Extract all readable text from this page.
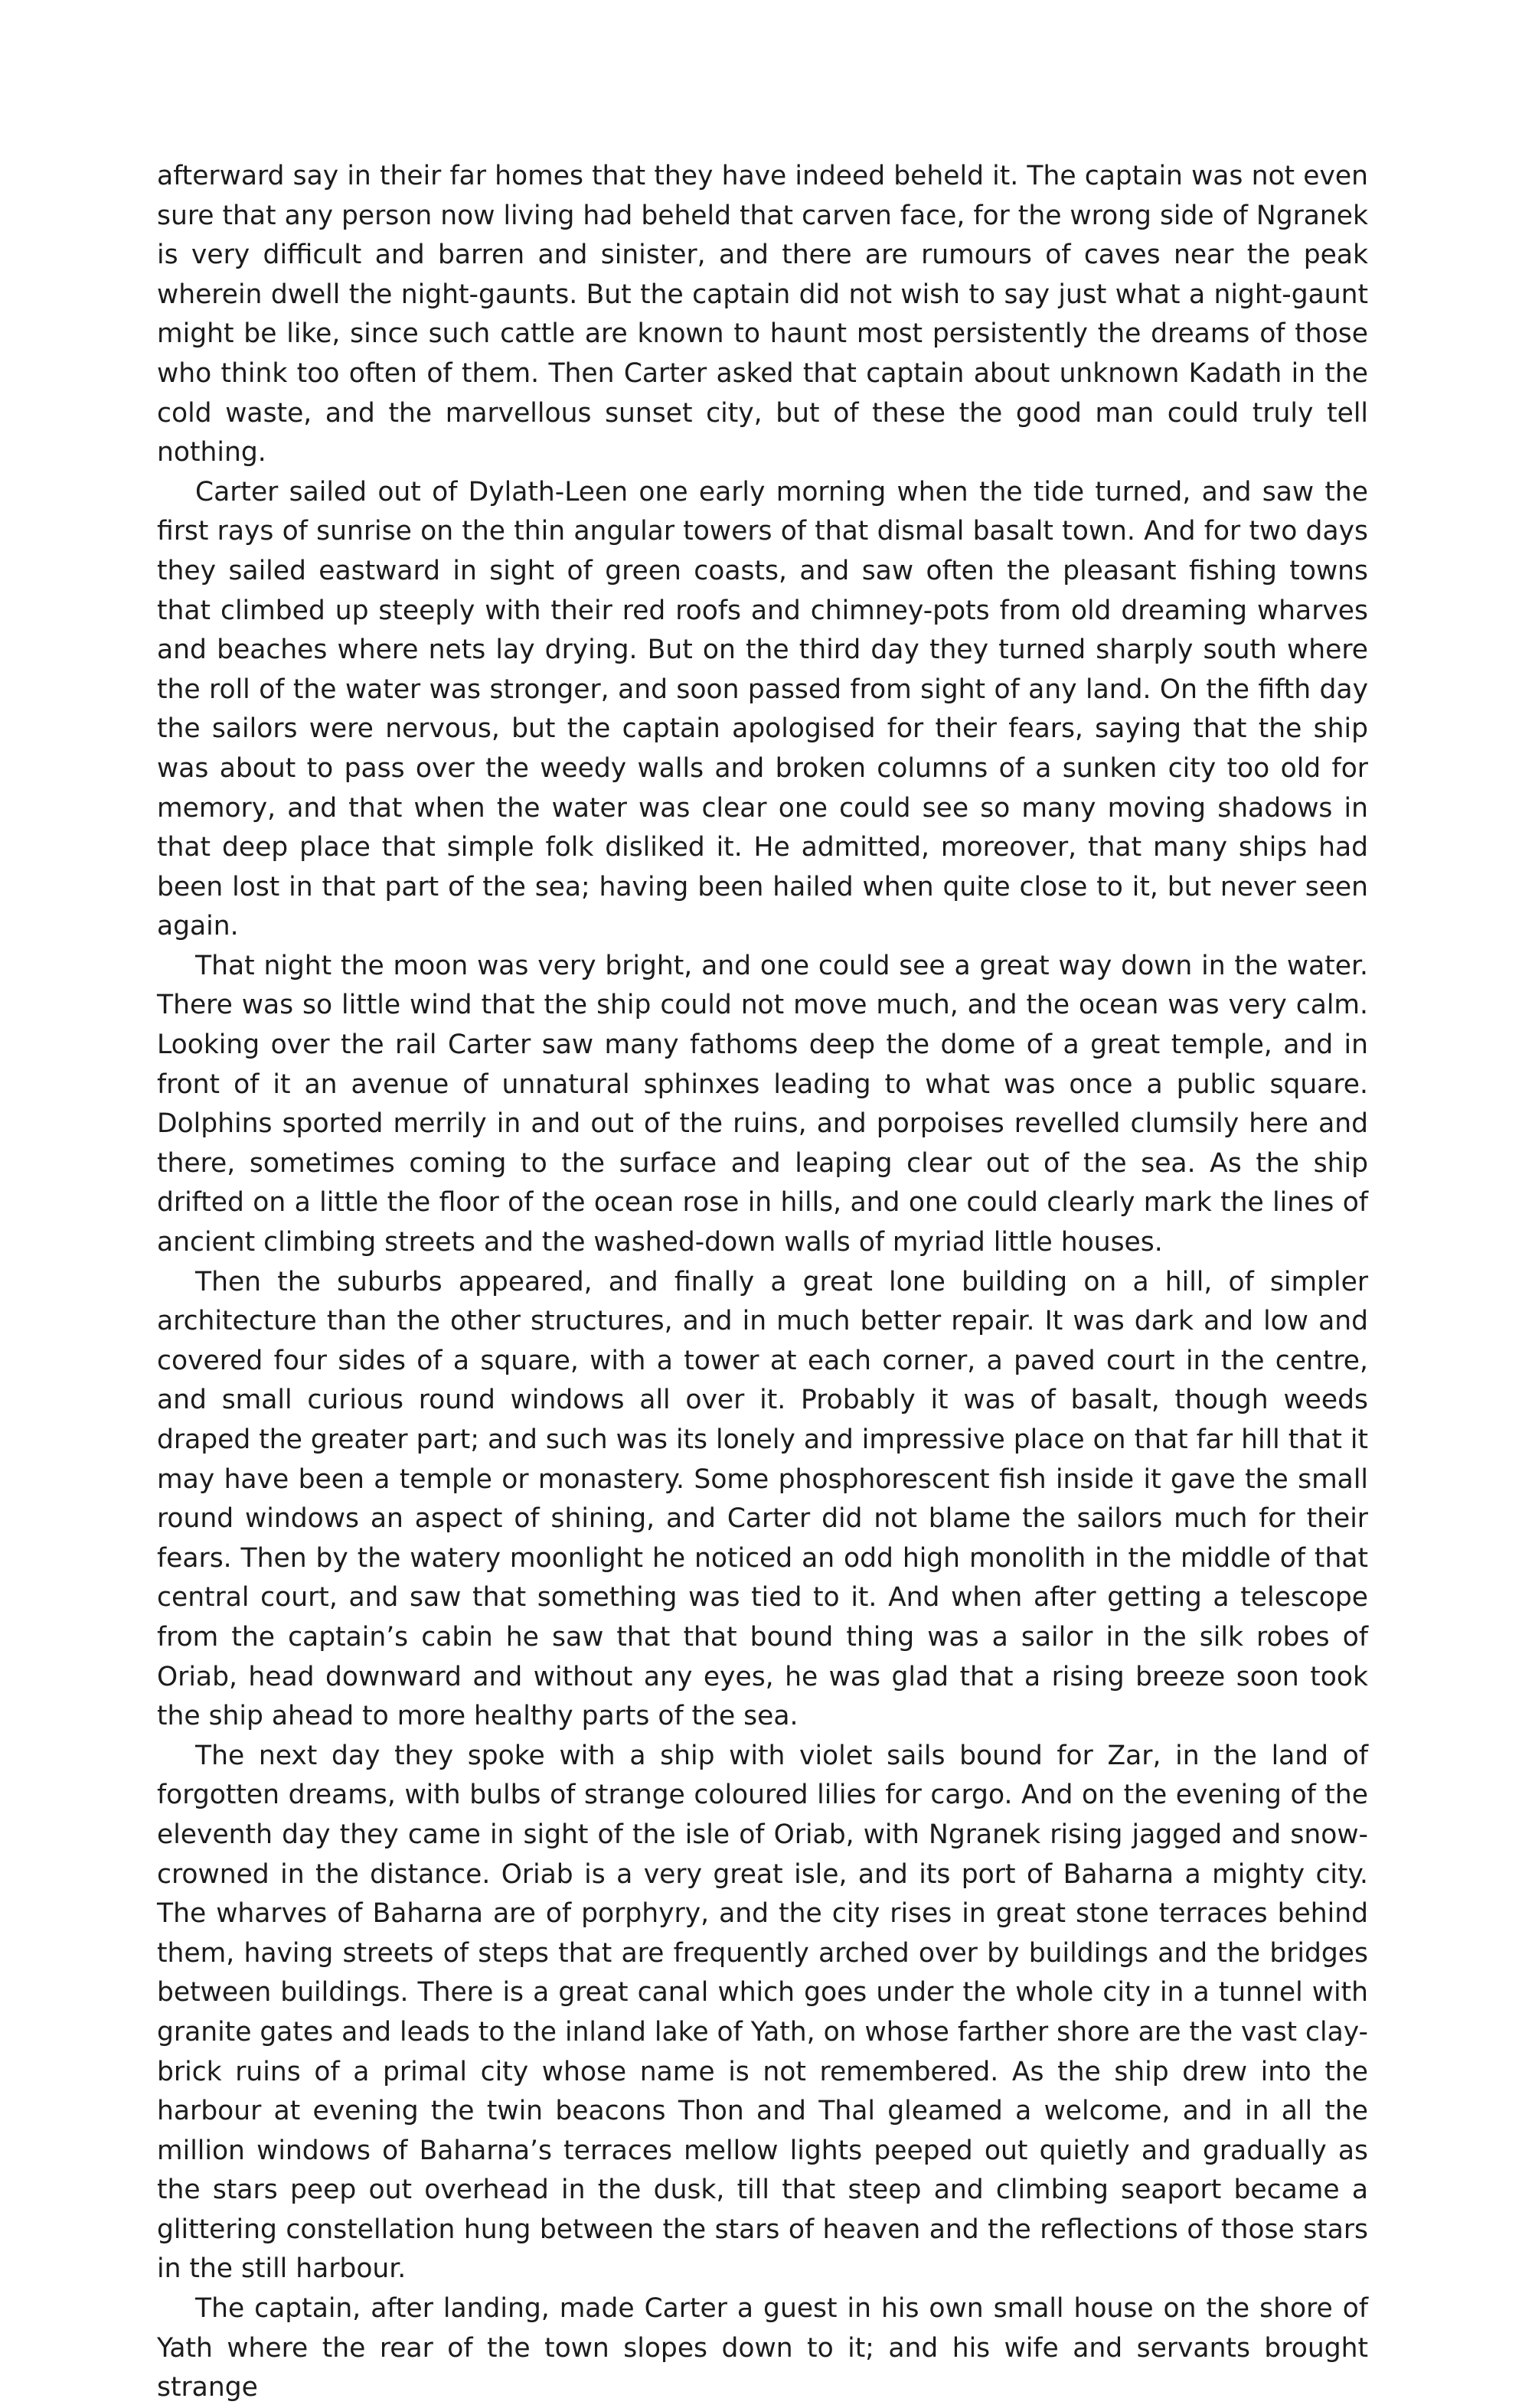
afterward say in their far homes that they have indeed beheld it. The captain was not even sure that any person now living had beheld that carven face, for the wrong side of Ngranek is very difficult and barren and sinister, and there are rumours of caves near the peak wherein dwell the night-gaunts. But the captain did not wish to say just what a night-gaunt might be like, since such cattle are known to haunt most persistently the dreams of those who think too often of them. Then Carter asked that captain about unknown Kadath in the cold waste, and the marvellous sunset city, but of these the good man could truly tell nothing.

Carter sailed out of Dylath-Leen one early morning when the tide turned, and saw the first rays of sunrise on the thin angular towers of that dismal basalt town. And for two days they sailed eastward in sight of green coasts, and saw often the pleasant fishing towns that climbed up steeply with their red roofs and chimney-pots from old dreaming wharves and beaches where nets lay drying. But on the third day they turned sharply south where the roll of the water was stronger, and soon passed from sight of any land. On the fifth day the sailors were nervous, but the captain apologised for their fears, saying that the ship was about to pass over the weedy walls and broken columns of a sunken city too old for memory, and that when the water was clear one could see so many moving shadows in that deep place that simple folk disliked it. He admitted, moreover, that many ships had been lost in that part of the sea; having been hailed when quite close to it, but never seen again.

That night the moon was very bright, and one could see a great way down in the water. There was so little wind that the ship could not move much, and the ocean was very calm. Looking over the rail Carter saw many fathoms deep the dome of a great temple, and in front of it an avenue of unnatural sphinxes leading to what was once a public square. Dolphins sported merrily in and out of the ruins, and porpoises revelled clumsily here and there, sometimes coming to the surface and leaping clear out of the sea. As the ship drifted on a little the floor of the ocean rose in hills, and one could clearly mark the lines of ancient climbing streets and the washed-down walls of myriad little houses.

Then the suburbs appeared, and finally a great lone building on a hill, of simpler architecture than the other structures, and in much better repair. It was dark and low and covered four sides of a square, with a tower at each corner, a paved court in the centre, and small curious round windows all over it. Probably it was of basalt, though weeds draped the greater part; and such was its lonely and impressive place on that far hill that it may have been a temple or monastery. Some phosphorescent fish inside it gave the small round windows an aspect of shining, and Carter did not blame the sailors much for their fears. Then by the watery moonlight he noticed an odd high monolith in the middle of that central court, and saw that something was tied to it. And when after getting a telescope from the captain’s cabin he saw that that bound thing was a sailor in the silk robes of Oriab, head downward and without any eyes, he was glad that a rising breeze soon took the ship ahead to more healthy parts of the sea.

The next day they spoke with a ship with violet sails bound for Zar, in the land of forgotten dreams, with bulbs of strange coloured lilies for cargo. And on the evening of the eleventh day they came in sight of the isle of Oriab, with Ngranek rising jagged and snow-crowned in the distance. Oriab is a very great isle, and its port of Baharna a mighty city. The wharves of Baharna are of porphyry, and the city rises in great stone terraces behind them, having streets of steps that are frequently arched over by buildings and the bridges between buildings. There is a great canal which goes under the whole city in a tunnel with granite gates and leads to the inland lake of Yath, on whose farther shore are the vast clay-brick ruins of a primal city whose name is not remembered. As the ship drew into the harbour at evening the twin beacons Thon and Thal gleamed a welcome, and in all the million windows of Baharna’s terraces mellow lights peeped out quietly and gradually as the stars peep out overhead in the dusk, till that steep and climbing seaport became a glittering constellation hung between the stars of heaven and the reflections of those stars in the still harbour.

The captain, after landing, made Carter a guest in his own small house on the shore of Yath where the rear of the town slopes down to it; and his wife and servants brought strange
